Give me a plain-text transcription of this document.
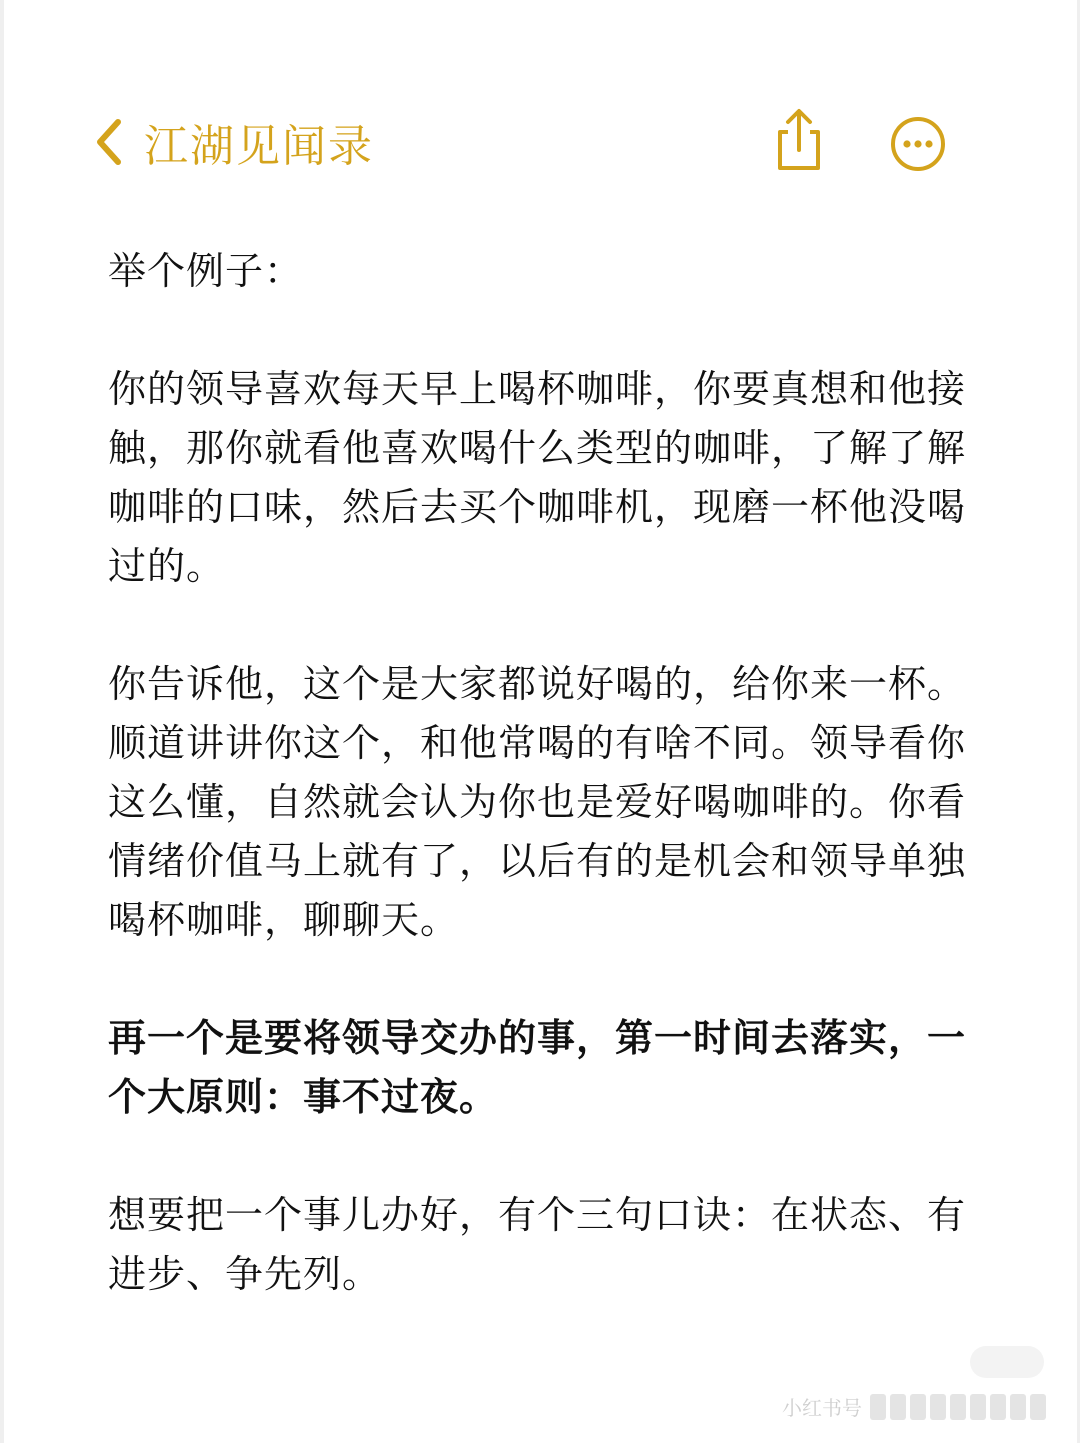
江湖见闻录

举个例子：

你的领导喜欢每天早上喝杯咖啡，你要真想和他接触，那你就看他喜欢喝什么类型的咖啡，了解了解咖啡的口味，然后去买个咖啡机，现磨一杯他没喝过的。

你告诉他，这个是大家都说好喝的，给你来一杯。顺道讲讲你这个，和他常喝的有啥不同。领导看你这么懂，自然就会认为你也是爱好喝咖啡的。你看情绪价值马上就有了，以后有的是机会和领导单独喝杯咖啡，聊聊天。

再一个是要将领导交办的事，第一时间去落实，一个大原则：事不过夜。

想要把一个事儿办好，有个三句口诀：在状态、有进步、争先列。

小红书号
